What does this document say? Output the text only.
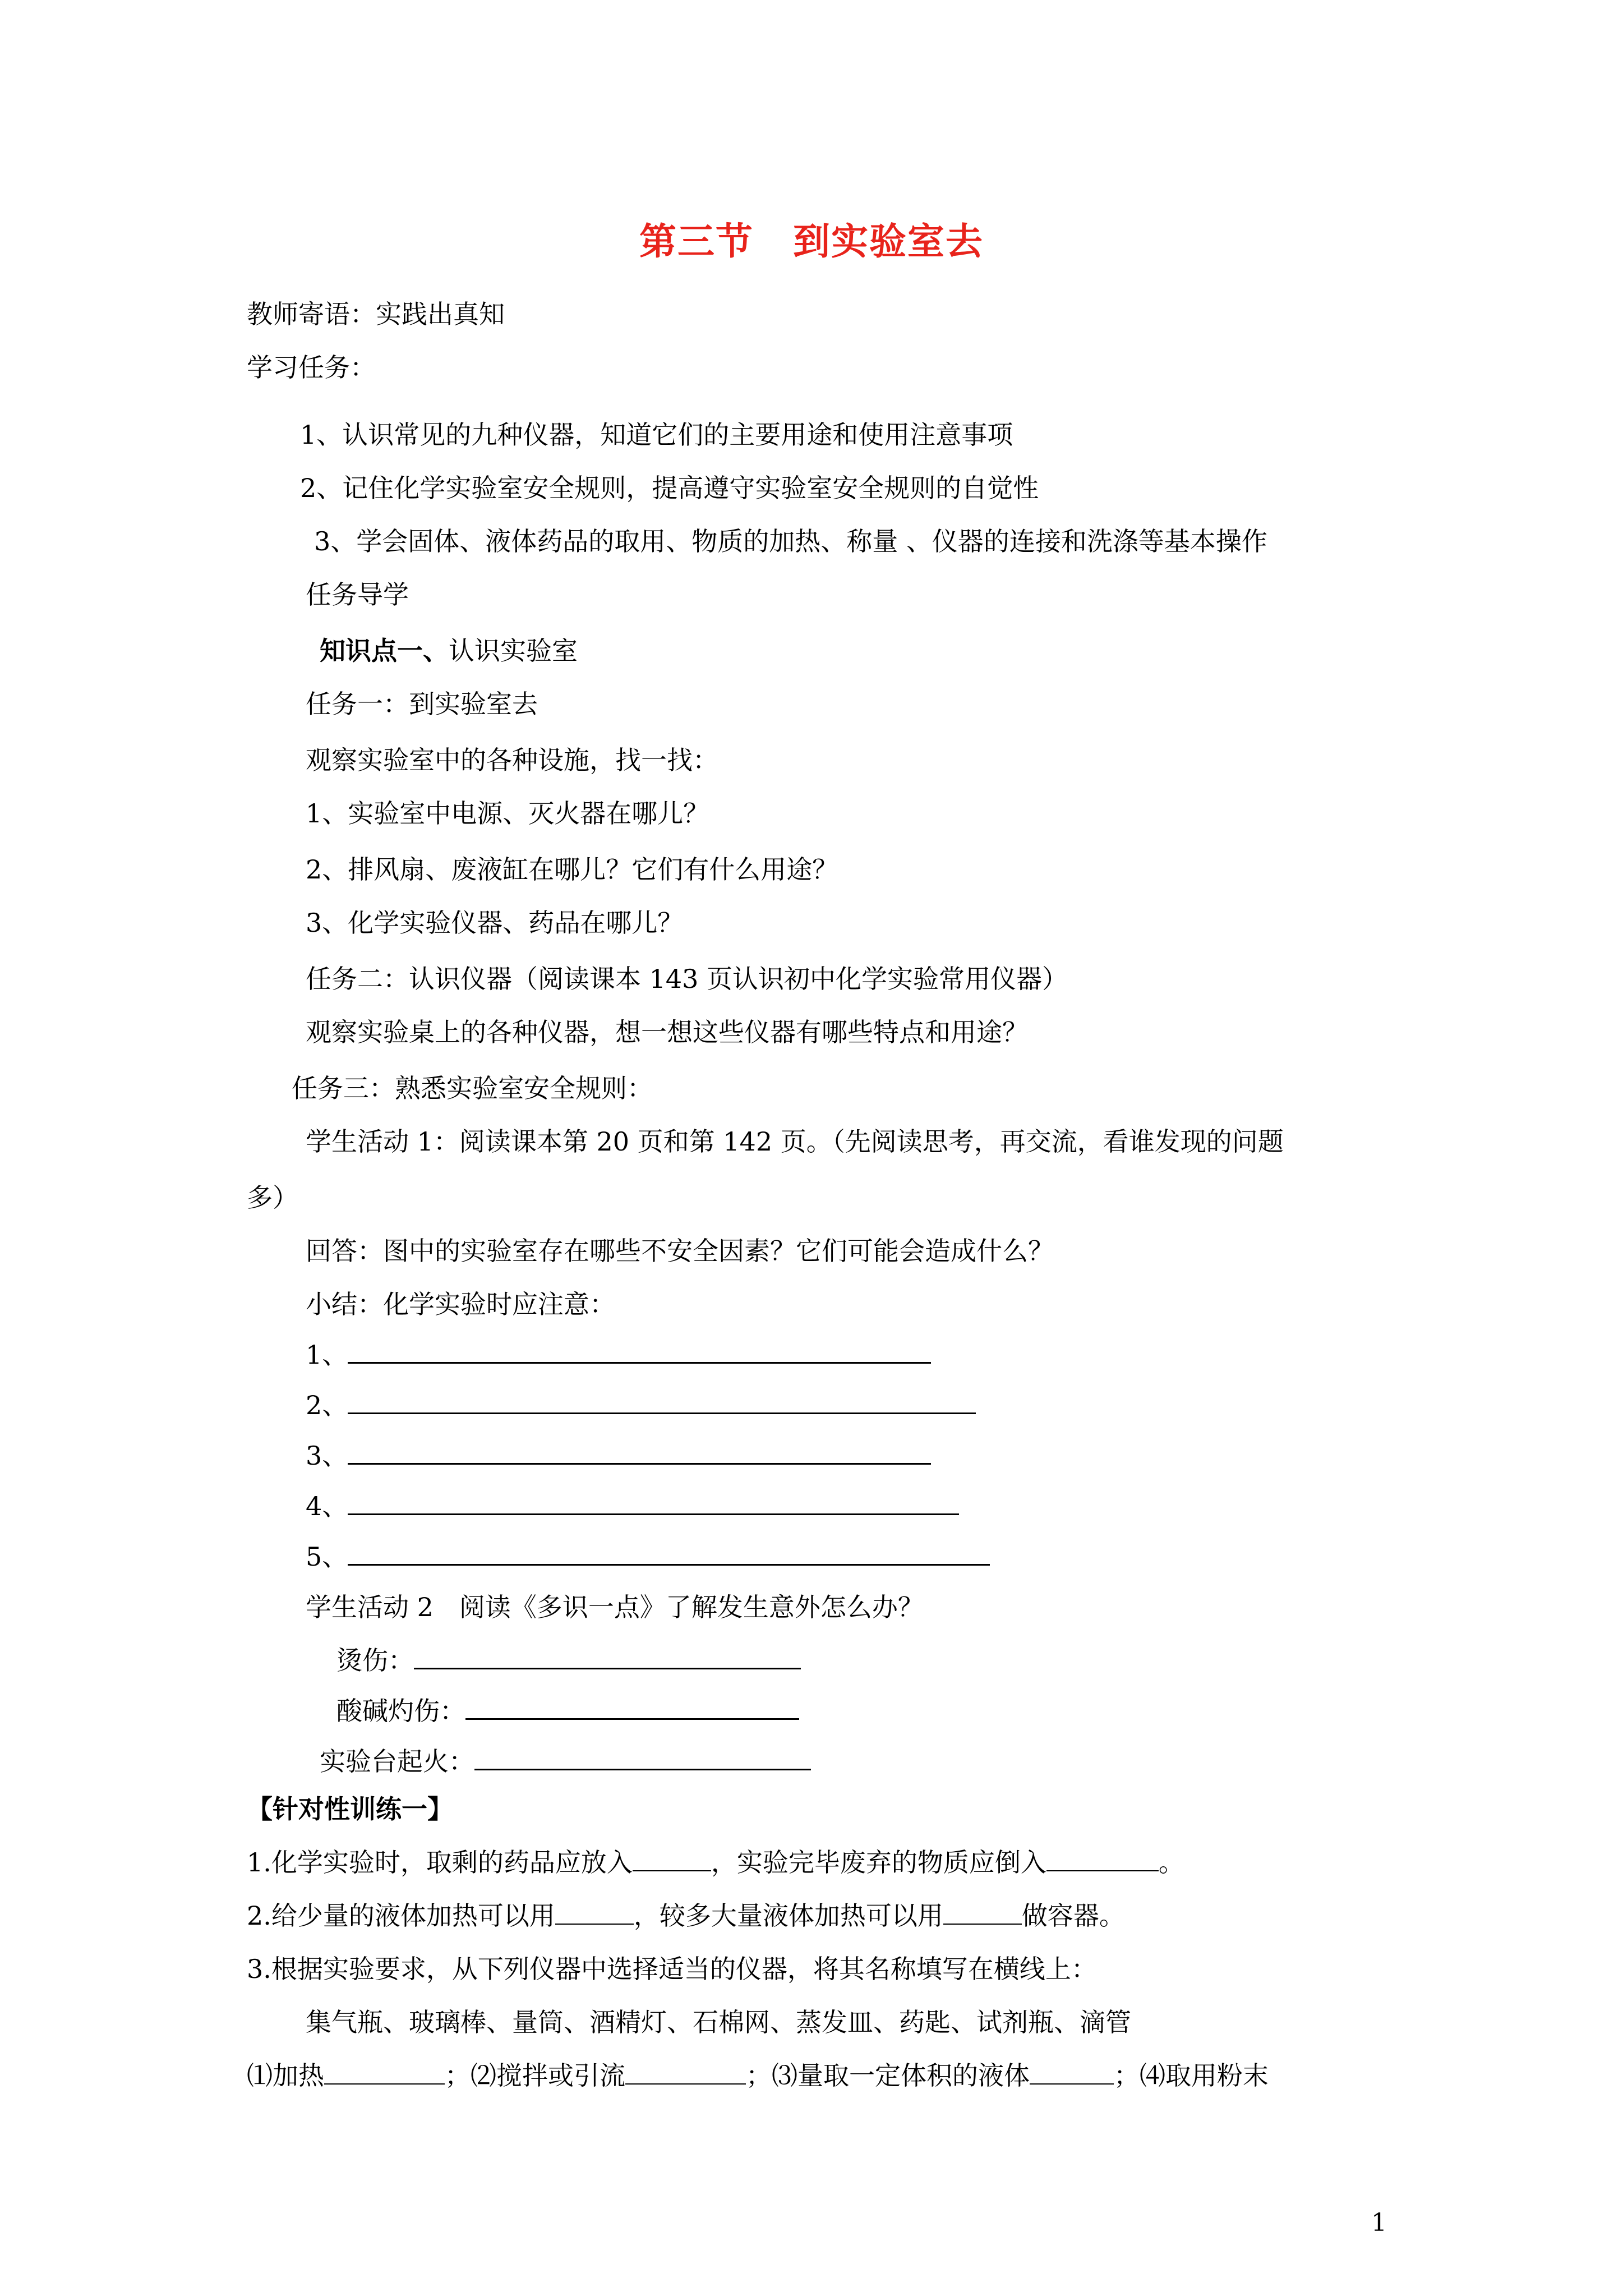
第三节 到实验室去
教师寄语：实践出真知
学习任务：
1、认识常见的九种仪器，知道它们的主要用途和使用注意事项
2、记住化学实验室安全规则，提高遵守实验室安全规则的自觉性
3、学会固体、液体药品的取用、物质的加热、称量 、仪器的连接和洗涤等基本操作
任务导学
知识点一、认识实验室
任务一：到实验室去
观察实验室中的各种设施，找一找：
1、实验室中电源、灭火器在哪儿？
2、排风扇、废液缸在哪儿？它们有什么用途？
3、化学实验仪器、药品在哪儿？
任务二：认识仪器（阅读课本 143 页认识初中化学实验常用仪器）
观察实验桌上的各种仪器，想一想这些仪器有哪些特点和用途？
任务三：熟悉实验室安全规则：
学生活动 1：阅读课本第 20 页和第 142 页。（先阅读思考，再交流，看谁发现的问题
多）
回答：图中的实验室存在哪些不安全因素？它们可能会造成什么？
小结：化学实验时应注意：
1、
2、
3、
4、
5、
学生活动 2　阅读《多识一点》了解发生意外怎么办？
烫伤：
酸碱灼伤：
实验台起火：
【针对性训练一】
1.化学实验时，取剩的药品应放入	，实验完毕废弃的物质应倒入	。
2.给少量的液体加热可以用	，较多大量液体加热可以用	做容器。
3.根据实验要求，从下列仪器中选择适当的仪器，将其名称填写在横线上：
集气瓶、玻璃棒、量筒、酒精灯、石棉网、蒸发皿、药匙、试剂瓶、滴管
⑴加热	；⑵搅拌或引流	；⑶量取一定体积的液体	；⑷取用粉末
1
